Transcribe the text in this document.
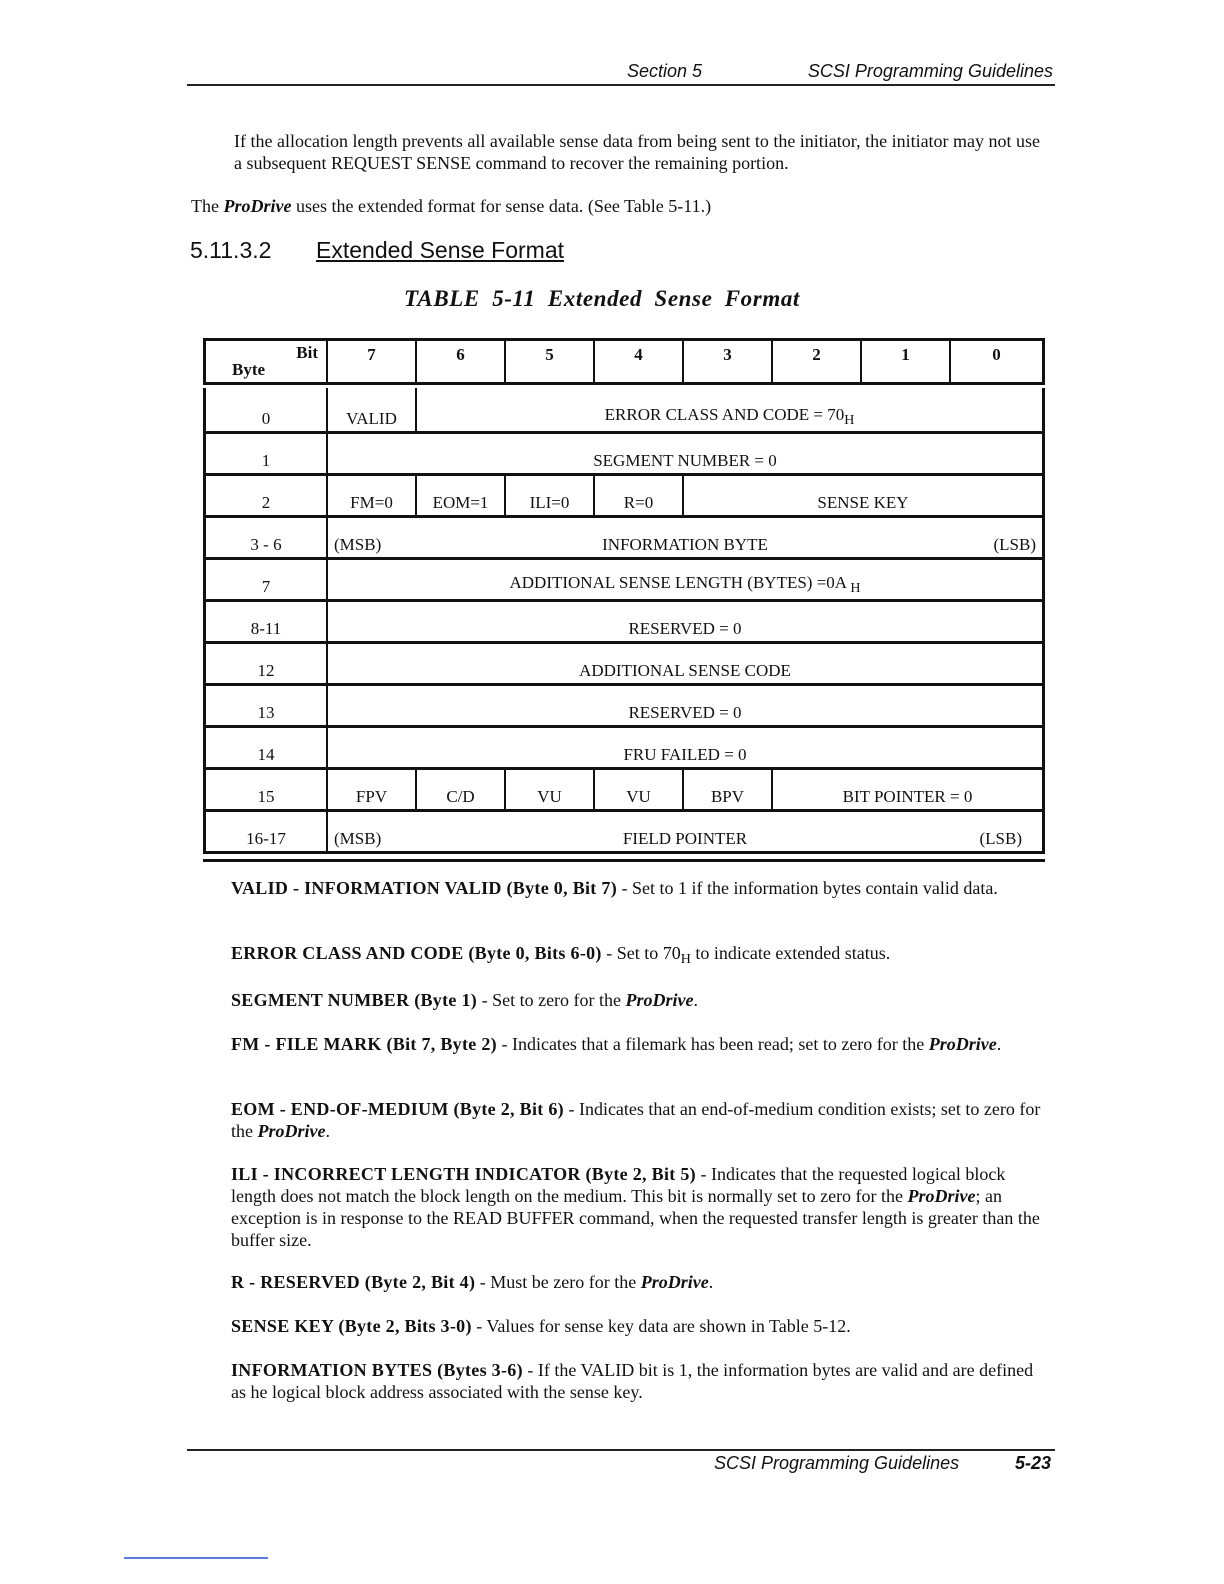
Section 5	SCSI Programming Guidelines

If the allocation length prevents all available sense data from being sent to the initiator, the initiator may not use a subsequent REQUEST SENSE command to recover the remaining portion.

The ProDrive uses the extended format for sense data. (See Table 5-11.)

5.11.3.2 Extended Sense Format
TABLE 5-11 Extended Sense Format
Bit
Byte
7	6	5	4	3	2	1	0
0	VALID	ERROR CLASS AND CODE = $70_H$
1	SEGMENT NUMBER = 0
2	FM=0	EOM=1	ILI=0	R=0	SENSE KEY
3 - 6	(MSB)	INFORMATION BYTE	(LSB)
7	ADDITIONAL SENSE LENGTH (BYTES) =0A $_H$
8-11	RESERVED = 0
12	ADDITIONAL SENSE CODE
13	RESERVED = 0
14	FRU FAILED = 0
15	FPV	C/D	VU	VU	BPV	BIT POINTER = 0
16-17	(MSB)	FIELD POINTER	(LSB)

VALID - INFORMATION VALID (Byte 0, Bit 7) - Set to 1 if the information bytes contain valid data.

ERROR CLASS AND CODE (Byte 0, Bits 6-0) - Set to $70_H$ to indicate extended status.

SEGMENT NUMBER (Byte 1) - Set to zero for the ProDrive.

FM - FILE MARK (Bit 7, Byte 2) - Indicates that a filemark has been read; set to zero for the ProDrive.

EOM - END-OF-MEDIUM (Byte 2, Bit 6) - Indicates that an end-of-medium condition exists; set to zero for the ProDrive.

ILI - INCORRECT LENGTH INDICATOR (Byte 2, Bit 5) - Indicates that the requested logical block length does not match the block length on the medium. This bit is normally set to zero for the ProDrive; an exception is in response to the READ BUFFER command, when the requested transfer length is greater than the buffer size.

R - RESERVED (Byte 2, Bit 4) - Must be zero for the ProDrive.

SENSE KEY (Byte 2, Bits 3-0) - Values for sense key data are shown in Table 5-12.

INFORMATION BYTES (Bytes 3-6) - If the VALID bit is 1, the information bytes are valid and are defined as he logical block address associated with the sense key.

SCSI Programming Guidelines	5-23
